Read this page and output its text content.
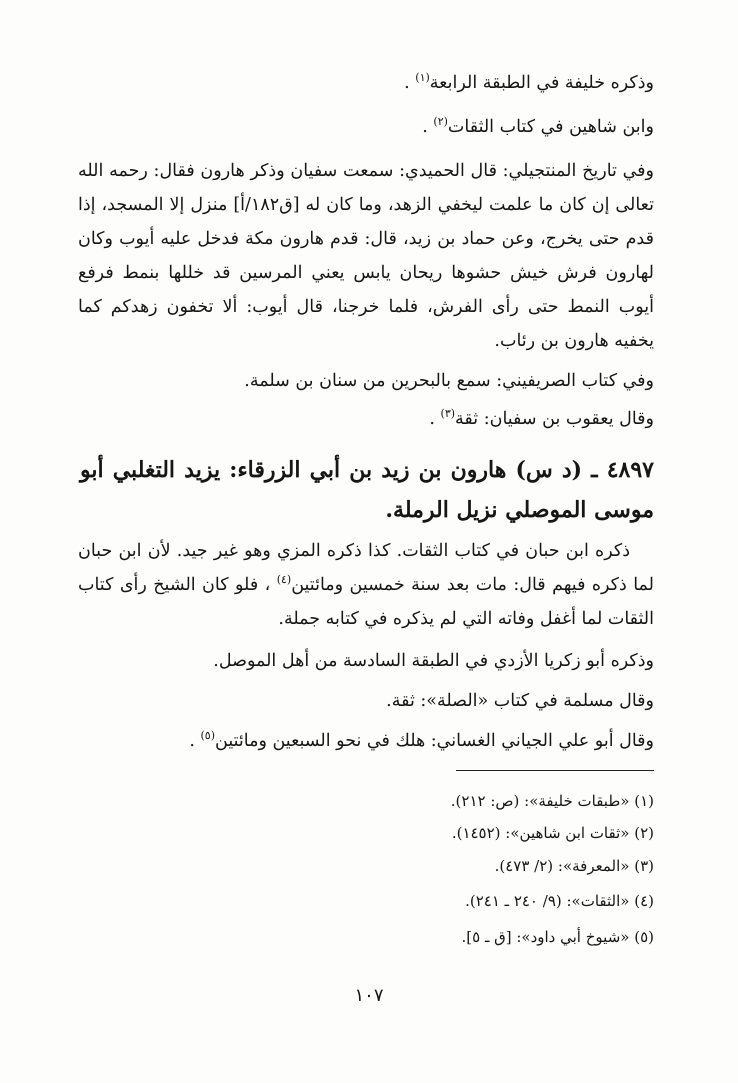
وذكره خليفة في الطبقة الرابعة$^{(١)}$ .
وابن شاهين في كتاب الثقات$^{(٢)}$ .

وفي تاريخ المنتجيلي: قال الحميدي: سمعت سفيان وذكر هارون فقال: رحمه الله تعالى إن كان ما علمت ليخفي الزهد، وما كان له [ق١٨٢/أ] منزل إلا المسجد، إذا قدم حتى يخرج، وعن حماد بن زيد، قال: قدم هارون مكة فدخل عليه أيوب وكان لهارون فرش خيش حشوها ريحان يابس يعني المرسين قد خللها بنمط فرفع أيوب النمط حتى رأى الفرش، فلما خرجنا، قال أيوب: ألا تخفون زهدكم كما يخفيه هارون بن رئاب.

وفي كتاب الصريفيني: سمع بالبحرين من سنان بن سلمة.
وقال يعقوب بن سفيان: ثقة$^{(٣)}$ .

٤٨٩٧ ـ (د س) هارون بن زيد بن أبي الزرقاء: يزيد التغلبي أبو موسى الموصلي نزيل الرملة.

ذكره ابن حبان في كتاب الثقات. كذا ذكره المزي وهو غير جيد. لأن ابن حبان لما ذكره فيهم قال: مات بعد سنة خمسين ومائتين$^{(٤)}$ ، فلو كان الشيخ رأى كتاب الثقات لما أغفل وفاته التي لم يذكره في كتابه جملة.

وذكره أبو زكريا الأزدي في الطبقة السادسة من أهل الموصل.
وقال مسلمة في كتاب «الصلة»: ثقة.
وقال أبو علي الجياني الغساني: هلك في نحو السبعين ومائتين$^{(٥)}$ .
(١) «طبقات خليفة»: (ص: ٢١٢).
(٢) «ثقات ابن شاهين»: (١٤٥٢).
(٣) «المعرفة»: (٢/ ٤٧٣).
(٤) «الثقات»: (٩/ ٢٤٠ ـ ٢٤١).
(٥) «شيوخ أبي داود»: [ق ـ ٥].
١٠٧
